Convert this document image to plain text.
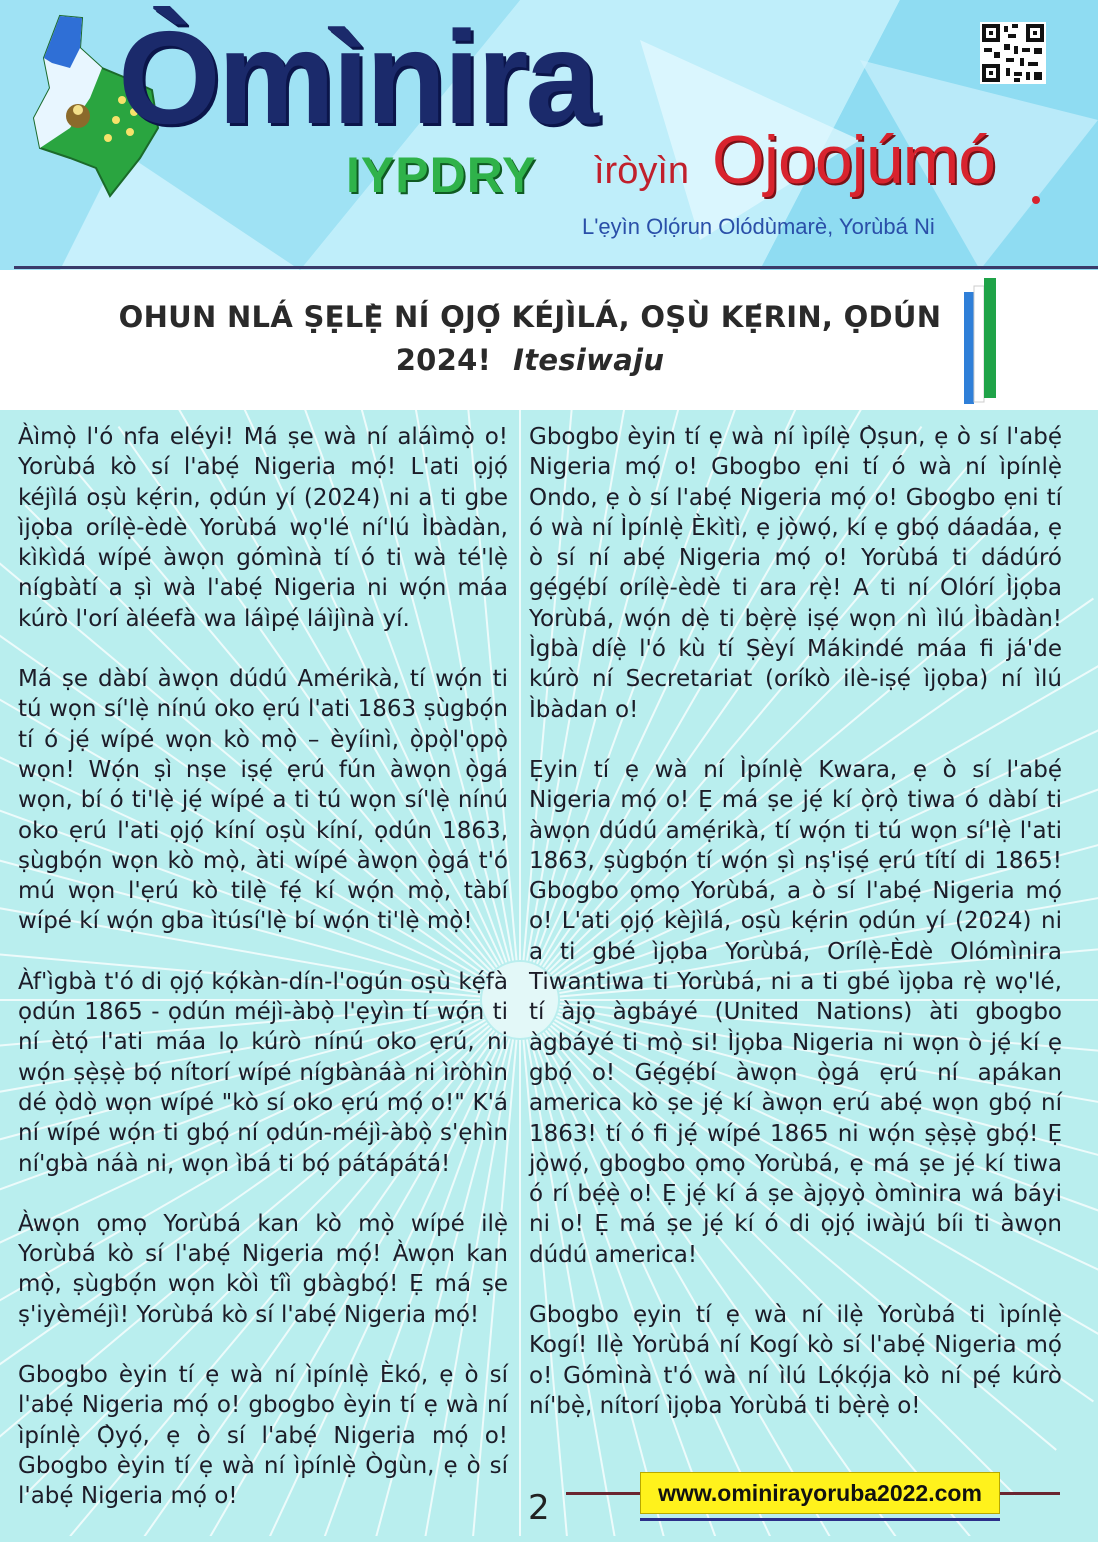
Òmìnira
IYPDRY ìròyìn Ojoojúmó
L'ẹyìn Ọlọ́run Olódùmarè, Yorùbá Ni
OHUN NLÁ ṢẸLẸ̀ NÍ ỌJỌ́ KÉJÌLÁ, OṢÙ KẸ́RIN, ỌDÚN 2024! Itesiwaju

Àìmọ̀ l'ó nfa eléyi! Má ṣe wà ní aláìmọ̀ o! Yorùbá kò sí l'abẹ́ Nigeria mọ́! L'ati ọjọ́ kéjìlá oṣù kẹ́rin, ọdún yí (2024) ni a ti gbe ìjọba orílẹ̀-èdè Yorùbá wọ'lé ní'lú Ìbàdàn, kìkìdá wípé àwọn gómìnà tí ó ti wà té'lẹ̀ nígbàtí a ṣì wà l'abẹ́ Nigeria ni wọ́n máa kúrò l'orí àléefà wa láìpẹ́ láìjìnà yí.

Má ṣe dàbí àwọn dúdú Amérikà, tí wọ́n ti tú wọn sí'lẹ̀ nínú oko ẹrú l'ati 1863 ṣùgbọ́n tí ó jẹ́ wípé wọn kò mọ̀ – èyíinì, ọ̀pọ̀l'ọpọ̀ wọn! Wọ́n ṣì nṣe iṣẹ́ ẹrú fún àwọn ọ̀gá wọn, bí ó ti'lẹ̀ jẹ́ wípé a ti tú wọn sí'lẹ̀ nínú oko ẹrú l'ati ọjọ́ kíní oṣù kíní, ọdún 1863, ṣùgbọ́n wọn kò mọ̀, àti wípé àwọn ọ̀gá t'ó mú wọn l'ẹrú kò tilẹ̀ fẹ́ kí wọ́n mọ̀, tàbí wípé kí wọ́n gba ìtúsí'lẹ̀ bí wọ́n ti'lẹ̀ mọ̀!

Àf'ìgbà t'ó di ọjọ́ kọ́kàn-dín-l'ogún oṣù kẹ́fà ọdún 1865 - ọdún méjì-àbọ̀ l'ẹyìn tí wọ́n ti ní ètọ́ l'ati máa lọ kúrò nínú oko ẹrú, ni wọ́n ṣẹ̀ṣẹ̀ bọ́ nítorí wípé nígbànáà ni ìròhìn dé ọ̀dọ̀ wọn wípé "kò sí oko ẹrú mọ́ o!" K'á ní wípé wọ́n ti gbọ́ ní ọdún-méjì-àbọ̀ s'ẹhìn ní'gbà náà ni, wọn ìbá ti bọ́ pátápátá!

Àwọn ọmọ Yorùbá kan kò mọ̀ wípé ilẹ̀ Yorùbá kò sí l'abẹ́ Nigeria mọ́! Àwọn kan mọ̀, ṣùgbọ́n wọn kòì tîì gbàgbọ́! Ẹ má ṣe ṣ'iyèméjì! Yorùbá kò sí l'abẹ́ Nigeria mọ́!

Gbogbo èyin tí ẹ wà ní ìpínlẹ̀ Èkó, ẹ ò sí l'abẹ́ Nigeria mọ́ o! gbogbo èyin tí ẹ wà ní ìpínlẹ̀ Ọ̀yọ́, ẹ ò sí l'abẹ́ Nigeria mọ́ o! Gbogbo èyin tí ẹ wà ní ìpínlẹ̀ Ògùn, ẹ ò sí l'abẹ́ Nigeria mọ́ o!

Gbogbo èyin tí ẹ wà ní ìpílẹ̀ Ọ̀ṣun, ẹ ò sí l'abẹ́ Nigeria mọ́ o! Gbogbo ẹni tí ó wà ní ìpínlẹ̀ Ondo, ẹ ò sí l'abẹ́ Nigeria mọ́ o! Gbogbo ẹni tí ó wà ní Ìpínlẹ̀ Èkìtì, ẹ jọ̀wọ́, kí ẹ gbọ́ dáadáa, ẹ ò sí ní abẹ́ Nigeria mọ́ o! Yorùbá ti dádúró gẹ́gẹ́bí orílẹ̀-èdè ti ara rẹ̀! A ti ní Olórí Ìjọba Yorùbá, wọ́n dẹ̀ ti bẹ̀rẹ̀ iṣẹ́ wọn nì ìlú Ìbàdàn! Ìgbà díẹ̀ l'ó kù tí Ṣèyí Mákindé máa fi já'de kúrò ní Secretariat (oríkò ilè-iṣẹ́ ìjọba) ní ìlú Ìbàdan o!

Ẹyin tí ẹ wà ní Ìpínlẹ̀ Kwara, ẹ ò sí l'abẹ́ Nigeria mọ́ o! Ẹ má ṣe jẹ́ kí ọ̀rọ̀ tiwa ó dàbí ti àwọn dúdú amẹ́rikà, tí wọ́n ti tú wọn sí'lẹ̀ l'ati 1863, ṣùgbọ́n tí wọ́n ṣì nṣ'iṣẹ́ ẹrú títí di 1865! Gbogbo ọmọ Yorùbá, a ò sí l'abẹ́ Nigeria mọ́ o! L'ati ọjọ́ kèjìlá, oṣù kẹ́rin ọdún yí (2024) ni a ti gbé ìjọba Yorùbá, Orílẹ̀-Èdè Olómìnira Tiwantiwa ti Yorùbá, ni a ti gbé ìjọba rẹ̀ wọ'lé, tí àjọ àgbáyé (United Nations) àti gbogbo àgbáyé ti mọ̀ si! Ìjọba Nigeria ni wọn ò jẹ́ kí ẹ gbọ́ o! Gẹ́gẹ́bí àwọn ọ̀gá ẹrú ní apákan america kò ṣe jẹ́ kí àwọn ẹrú abẹ́ wọn gbọ́ ní 1863! tí ó fi jẹ́ wípé 1865 ni wọ́n ṣẹ̀ṣẹ̀ gbọ́! Ẹ jọ̀wọ́, gbogbo ọmọ Yorùbá, ẹ má ṣe jẹ́ kí tiwa ó rí bẹ́ẹ̀ o! Ẹ jẹ́ kí á ṣe àjọyọ̀ òmìnira wá báyi ni o! Ẹ má ṣe jẹ́ kí ó di ọjọ́ iwàjú bíi ti àwọn dúdú america!

Gbogbo ẹyin tí ẹ wà ní ilẹ̀ Yorùbá ti ìpínlẹ̀ Kogí! Ilẹ̀ Yorùbá ní Kogí kò sí l'abẹ́ Nigeria mọ́ o! Gómìnà t'ó wà ní ìlú Lọ́kọ́ja kò ní pẹ́ kúrò ní'bẹ̀, nítorí ìjọba Yorùbá ti bẹ̀rẹ̀ o!

2	www.ominirayoruba2022.com
